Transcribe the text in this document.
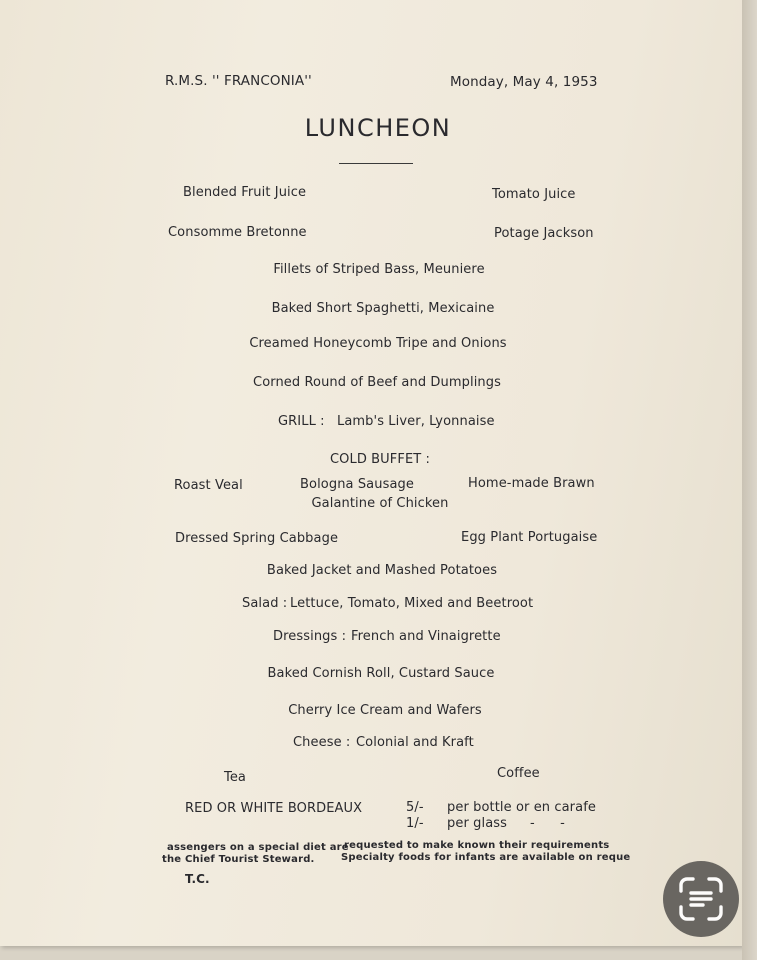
R.M.S. '' FRANCONIA''	Monday, May 4, 1953
LUNCHEON
Blended Fruit Juice	Tomato Juice
Consomme Bretonne	Potage Jackson
Fillets of Striped Bass, Meuniere
Baked Short Spaghetti, Mexicaine
Creamed Honeycomb Tripe and Onions
Corned Round of Beef and Dumplings
GRILL : Lamb's Liver, Lyonnaise
COLD BUFFET :
Roast Veal	Bologna Sausage
Galantine of Chicken
Home-made Brawn
Dressed Spring Cabbage	Egg Plant Portugaise
Baked Jacket and Mashed Potatoes
Salad : Lettuce, Tomato, Mixed and Beetroot
Dressings : French and Vinaigrette
Baked Cornish Roll, Custard Sauce
Cherry Ice Cream and Wafers
Cheese : Colonial and Kraft
Tea	Coffee
RED OR WHITE BORDEAUX	5/- per bottle or en carafe
1/- per glass -      -
assengers on a special diet are
requested to make known their requirements
the Chief Tourist Steward.	Specialty foods for infants are available on reque
T.C.
